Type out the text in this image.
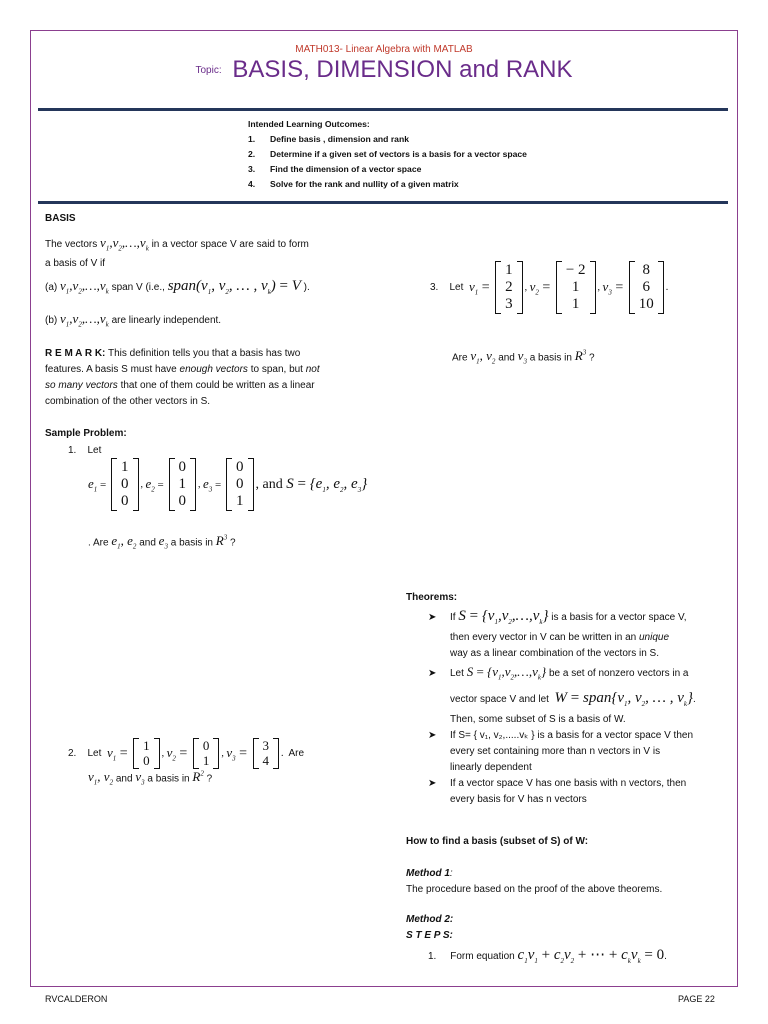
MATH013- Linear Algebra with MATLAB
Topic: BASIS, DIMENSION and RANK
Intended Learning Outcomes:
1. Define basis , dimension and rank
2. Determine if a given set of vectors is a basis for a vector space
3. Find the dimension of a vector space
4. Solve for the rank and nullity of a given matrix
BASIS
The vectors $v_1,v_2,\dots,v_k$ in a vector space V are said to form
a basis of V if
(a) $v_1,v_2,\dots,v_k$ span V (i.e., $span(v_1$, $v_2$, … , $v_k) = V$ ).
(b) $v_1,v_2,\dots,v_k$ are linearly independent.
R E M A R K: This definition tells you that a basis has two
features. A basis S must have enough vectors to span, but not
so many vectors that one of them could be written as a linear
combination of the other vectors in S.
Sample Problem:
1. Let
$e_1$ =
1
0
0
, $e_2$ =
0
1
0
, $e_3$ =
0
0
1
, and $S = \{e_1$, $e_2$, $e_3$}
. Are $e_1$, $e_2$ and $e_3$ a basis in $R^3$ ?
2.
Let
$v_1 = 1$
0 , $v_2 = 0$
1 , $v_3 = 3$
4 . Are
$v_1$, $v_2$ and $v_3$ a basis in $R^2$ ?
3.
Let
$v_1$ =
1
2
3
, $v_2$ =
− 2
1
1
, $v_3$ =
8
6
10
.
Are $v_1$, $v_2$ and $v_3$ a basis in $R^3$ ?
Theorems:
➤ If $S = \{v_1,v_2,\dots,v_k\}$ is a basis for a vector space V,
then every vector in V can be written in an unique
way as a linear combination of the vectors in S.
➤ Let $S = \{v_1,v_2,\dots,v_k\}$ be a set of nonzero vectors in a
vector space V and let $W = span\{v_1$, $v_2$, … , $v_k$}.
Then, some subset of S is a basis of W.
➤ If S= { v₁, v₂,.....vₖ } is a basis for a vector space V then
every set containing more than n vectors in V is
linearly dependent
➤ If a vector space V has one basis with n vectors, then
every basis for V has n vectors
How to find a basis (subset of S) of W:
Method 1:
The procedure based on the proof of the above theorems.
Method 2:
S T E P S:
1. Form equation $c_1v_1 + c_2v_2$ + ⋯ + $c_kv_k = 0$.
RVCALDERON	PAGE 22
